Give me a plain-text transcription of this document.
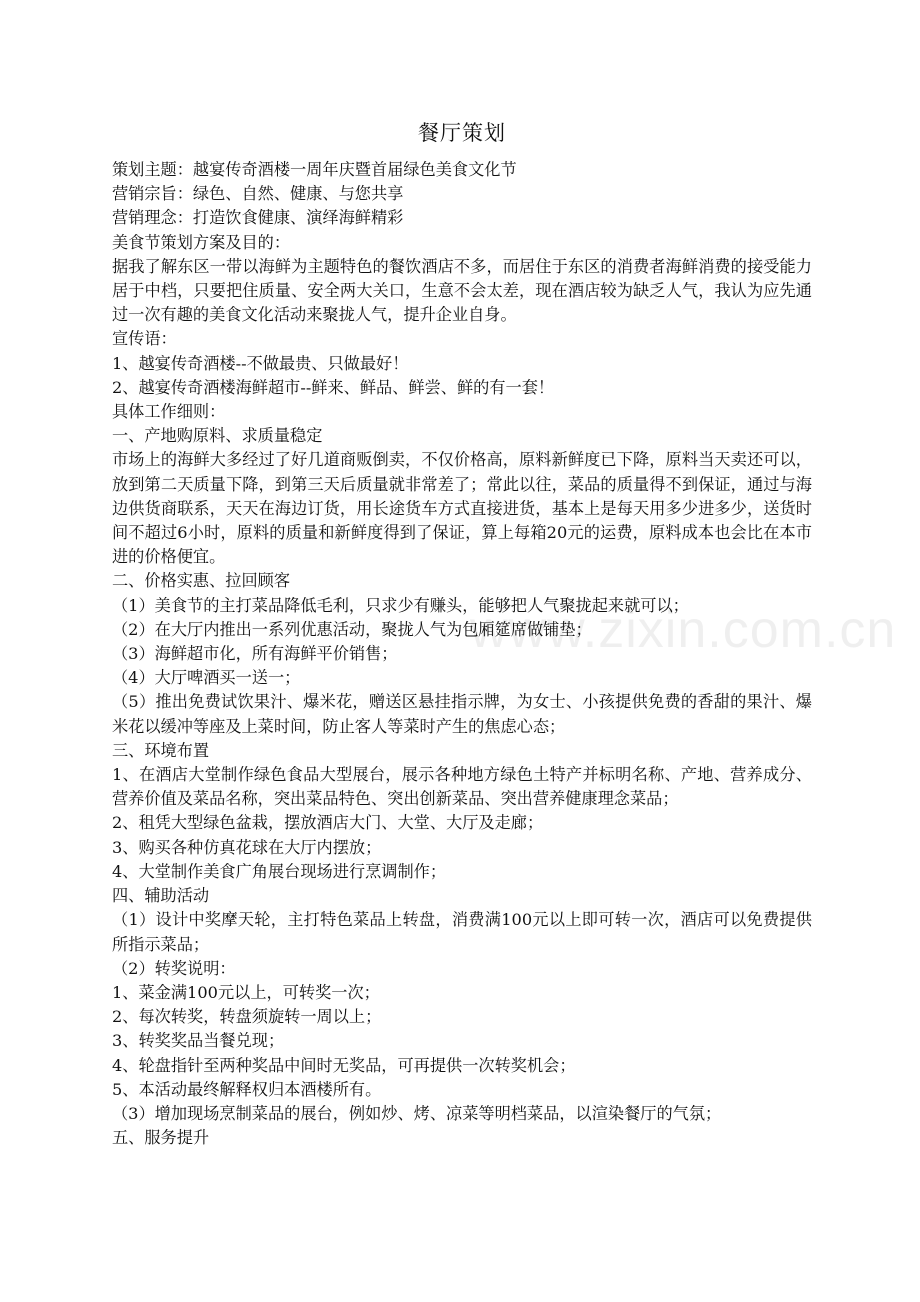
www.zixin.com.cn
餐厅策划

策划主题：越宴传奇酒楼一周年庆暨首届绿色美食文化节

营销宗旨：绿色、自然、健康、与您共享

营销理念：打造饮食健康、演绎海鲜精彩

美食节策划方案及目的：

据我了解东区一带以海鲜为主题特色的餐饮酒店不多，而居住于东区的消费者海鲜消费的接受能力居于中档，只要把住质量、安全两大关口，生意不会太差，现在酒店较为缺乏人气，我认为应先通过一次有趣的美食文化活动来聚拢人气，提升企业自身。

宣传语：

1、越宴传奇酒楼--不做最贵、只做最好！

2、越宴传奇酒楼海鲜超市--鲜来、鲜品、鲜尝、鲜的有一套！

具体工作细则：

一、产地购原料、求质量稳定

市场上的海鲜大多经过了好几道商贩倒卖，不仅价格高，原料新鲜度已下降，原料当天卖还可以，放到第二天质量下降，到第三天后质量就非常差了；常此以往，菜品的质量得不到保证，通过与海边供货商联系，天天在海边订货，用长途货车方式直接进货，基本上是每天用多少进多少，送货时间不超过6小时，原料的质量和新鲜度得到了保证，算上每箱20元的运费，原料成本也会比在本市进的价格便宜。

二、价格实惠、拉回顾客

（1）美食节的主打菜品降低毛利，只求少有赚头，能够把人气聚拢起来就可以；

（2）在大厅内推出一系列优惠活动，聚拢人气为包厢筵席做铺垫；

（3）海鲜超市化，所有海鲜平价销售；

（4）大厅啤酒买一送一；

（5）推出免费试饮果汁、爆米花，赠送区悬挂指示牌，为女士、小孩提供免费的香甜的果汁、爆米花以缓冲等座及上菜时间，防止客人等菜时产生的焦虑心态；

三、环境布置

1、在酒店大堂制作绿色食品大型展台，展示各种地方绿色土特产并标明名称、产地、营养成分、营养价值及菜品名称，突出菜品特色、突出创新菜品、突出营养健康理念菜品；

2、租凭大型绿色盆栽，摆放酒店大门、大堂、大厅及走廊；

3、购买各种仿真花球在大厅内摆放；

4、大堂制作美食广角展台现场进行烹调制作；

四、辅助活动

（1）设计中奖摩天轮，主打特色菜品上转盘，消费满100元以上即可转一次，酒店可以免费提供所指示菜品；

（2）转奖说明：

1、菜金满100元以上，可转奖一次；

2、每次转奖，转盘须旋转一周以上；

3、转奖奖品当餐兑现；

4、轮盘指针至两种奖品中间时无奖品，可再提供一次转奖机会；

5、本活动最终解释权归本酒楼所有。

（3）增加现场烹制菜品的展台，例如炒、烤、凉菜等明档菜品，以渲染餐厅的气氛；

五、服务提升
